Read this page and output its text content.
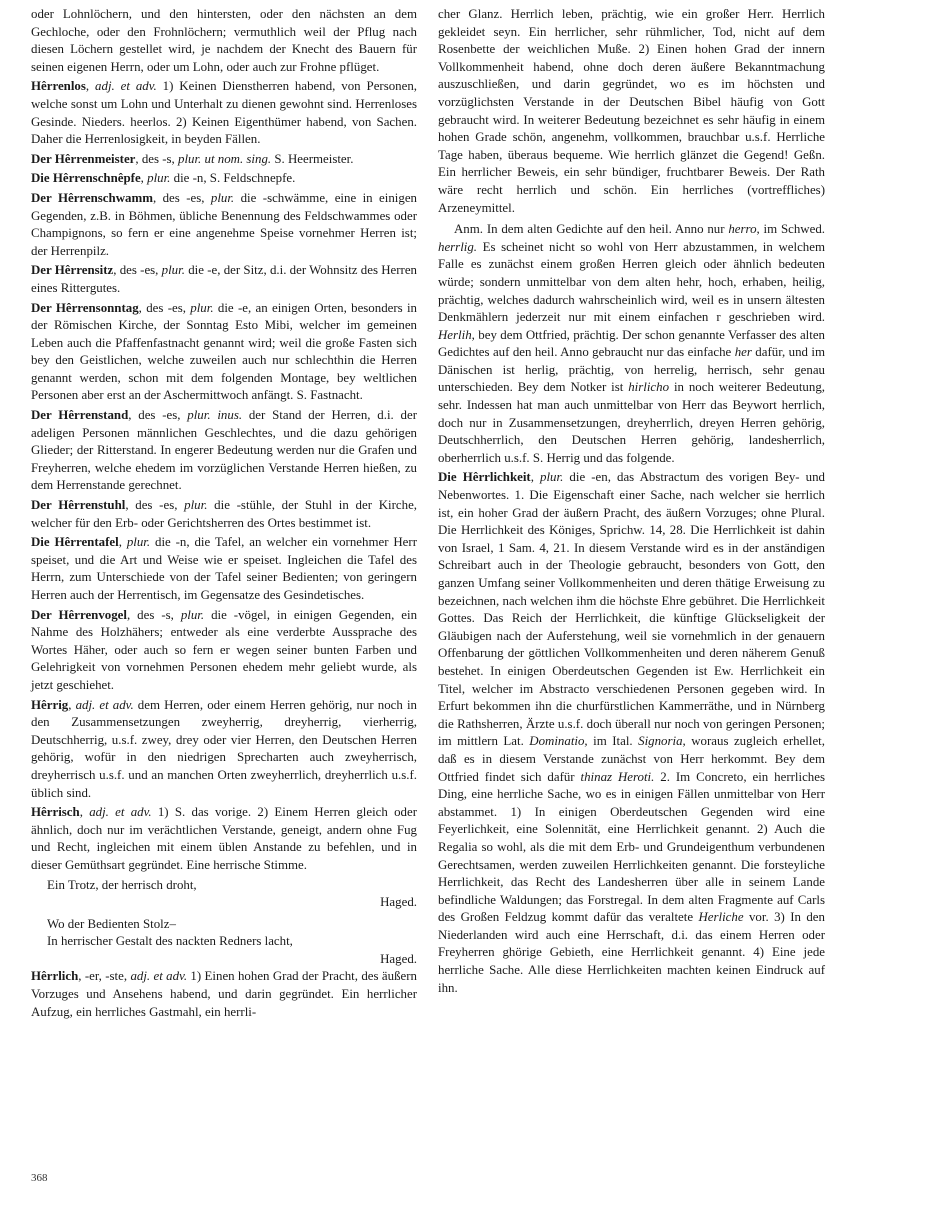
oder Lohnlöchern, und den hintersten, oder den nächsten an dem Gechloche, oder den Frohnlöchern; vermuthlich weil der Pflug nach diesen Löchern gestellet wird, je nachdem der Knecht des Bauern für seinen eigenen Herrn, oder um Lohn, oder auch zur Frohne pflüget.

Hêrrenlos, adj. et adv. 1) Keinen Dienstherren habend, von Personen, welche sonst um Lohn und Unterhalt zu dienen gewohnt sind. Herrenloses Gesinde. Nieders. heerlos. 2) Keinen Eigenthümer habend, von Sachen. Daher die Herrenlosigkeit, in beyden Fällen.

Der Hêrrenmeister, des -s, plur. ut nom. sing. S. Heermeister.

Die Hêrrenschnêpfe, plur. die -n, S. Feldschnepfe.

Der Hêrrenschwamm, des -es, plur. die -schwämme, eine in einigen Gegenden, z.B. in Böhmen, übliche Benennung des Feldschwammes oder Champignons, so fern er eine angenehme Speise vornehmer Herren ist; der Herrenpilz.

Der Hêrrensitz, des -es, plur. die -e, der Sitz, d.i. der Wohnsitz des Herren eines Rittergutes.

Der Hêrrensonntag, des -es, plur. die -e, an einigen Orten, besonders in der Römischen Kirche, der Sonntag Esto Mibi, welcher im gemeinen Leben auch die Pfaffenfastnacht genannt wird; weil die große Fasten sich bey den Geistlichen, welche zuweilen auch nur schlechthin die Herren genannt werden, schon mit dem folgenden Montage, bey weltlichen Personen aber erst an der Aschermittwoch anfängt. S. Fastnacht.

Der Hêrrenstand, des -es, plur. inus. der Stand der Herren, d.i. der adeligen Personen männlichen Geschlechtes, und die dazu gehörigen Glieder; der Ritterstand. In engerer Bedeutung werden nur die Grafen und Freyherren, welche ehedem im vorzüglichen Verstande Herren hießen, zu dem Herrenstande gerechnet.

Der Hêrrenstuhl, des -es, plur. die -stühle, der Stuhl in der Kirche, welcher für den Erb- oder Gerichtsherren des Ortes bestimmet ist.

Die Hêrrentafel, plur. die -n, die Tafel, an welcher ein vornehmer Herr speiset, und die Art und Weise wie er speiset. Ingleichen die Tafel des Herrn, zum Unterschiede von der Tafel seiner Bedienten; von geringern Herren auch der Herrentisch, im Gegensatze des Gesindetisches.

Der Hêrrenvogel, des -s, plur. die -vögel, in einigen Gegenden, ein Nahme des Holzhähers; entweder als eine verderbte Aussprache des Wortes Häher, oder auch so fern er wegen seiner bunten Farben und Gelehrigkeit von vornehmen Personen ehedem mehr geliebt wurde, als jetzt geschiehet.

Hêrrig, adj. et adv. dem Herren, oder einem Herren gehörig, nur noch in den Zusammensetzungen zweyherrig, dreyherrig, vierherrig, Deutschherrig, u.s.f. zwey, drey oder vier Herren, den Deutschen Herren gehörig, wofür in den niedrigen Sprecharten auch zweyherrisch, dreyherrisch u.s.f. und an manchen Orten zweyherrlich, dreyherrlich u.s.f. üblich sind.

Hêrrisch, adj. et adv. 1) S. das vorige. 2) Einem Herren gleich oder ähnlich, doch nur im verächtlichen Verstande, geneigt, andern ohne Fug und Recht, ingleichen mit einem üblen Anstande zu befehlen, und in dieser Gemüthsart gegründet. Eine herrische Stimme.

Ein Trotz, der herrisch droht,

Haged.

Wo der Bedienten Stolz–

In herrischer Gestalt des nackten Redners lacht,

Haged.

Hêrrlich, -er, -ste, adj. et adv. 1) Einen hohen Grad der Pracht, des äußern Vorzuges und Ansehens habend, und darin gegründet. Ein herrlicher Aufzug, ein herrliches Gastmahl, ein herrli-

cher Glanz. Herrlich leben, prächtig, wie ein großer Herr. Herrlich gekleidet seyn. Ein herrlicher, sehr rühmlicher, Tod, nicht auf dem Rosenbette der weichlichen Muße. 2) Einen hohen Grad der innern Vollkommenheit habend, ohne doch deren äußere Bekanntmachung auszuschließen, und darin gegründet, wo es im höchsten und vorzüglichsten Verstande in der Deutschen Bibel häufig von Gott gebraucht wird. In weiterer Bedeutung bezeichnet es sehr häufig in einem hohen Grade schön, angenehm, vollkommen, brauchbar u.s.f. Herrliche Tage haben, überaus bequeme. Wie herrlich glänzet die Gegend! Geßn. Ein herrlicher Beweis, ein sehr bündiger, fruchtbarer Beweis. Der Rath wäre recht herrlich und schön. Ein herrliches (vortreffliches) Arzeneymittel.

Anm. In dem alten Gedichte auf den heil. Anno nur herro, im Schwed. herrlig. Es scheinet nicht so wohl von Herr abzustammen, in welchem Falle es zunächst einem großen Herren gleich oder ähnlich bedeuten würde; sondern unmittelbar von dem alten hehr, hoch, erhaben, heilig, prächtig, welches dadurch wahrscheinlich wird, weil es in unsern ältesten Denkmählern jederzeit nur mit einem einfachen r geschrieben wird. Herlih, bey dem Ottfried, prächtig. Der schon genannte Verfasser des alten Gedichtes auf den heil. Anno gebraucht nur das einfache her dafür, und im Dänischen ist herlig, prächtig, von herrelig, herrisch, sehr genau unterschieden. Bey dem Notker ist hirlicho in noch weiterer Bedeutung, sehr. Indessen hat man auch unmittelbar von Herr das Beywort herrlich, doch nur in Zusammensetzungen, dreyherrlich, dreyen Herren gehörig, Deutschherrlich, den Deutschen Herren gehörig, landesherrlich, oberherrlich u.s.f. S. Herrig und das folgende.

Die Hêrrlichkeit, plur. die -en, das Abstractum des vorigen Bey- und Nebenwortes. 1. Die Eigenschaft einer Sache, nach welcher sie herrlich ist, ein hoher Grad der äußern Pracht, des äußern Vorzuges; ohne Plural. Die Herrlichkeit des Königes, Sprichw. 14, 28. Die Herrlichkeit ist dahin von Israel, 1 Sam. 4, 21. In diesem Verstande wird es in der anständigen Schreibart auch in der Theologie gebraucht, besonders von Gott, den ganzen Umfang seiner Vollkommenheiten und deren thätige Erweisung zu bezeichnen, nach welchen ihm die höchste Ehre gebühret. Die Herrlichkeit Gottes. Das Reich der Herrlichkeit, die künftige Glückseligkeit der Gläubigen nach der Auferstehung, weil sie vornehmlich in der genauern Offenbarung der göttlichen Vollkommenheiten und deren näherem Genuß bestehet. In einigen Oberdeutschen Gegenden ist Ew. Herrlichkeit ein Titel, welcher im Abstracto verschiedenen Personen gegeben wird. In Erfurt bekommen ihn die churfürstlichen Kammerräthe, und in Nürnberg die Rathsherren, Ärzte u.s.f. doch überall nur noch von geringen Personen; im mittlern Lat. Dominatio, im Ital. Signoria, woraus zugleich erhellet, daß es in diesem Verstande zunächst von Herr herkommt. Bey dem Ottfried findet sich dafür thinaz Heroti. 2. Im Concreto, ein herrliches Ding, eine herrliche Sache, wo es in einigen Fällen unmittelbar von Herr abstammet. 1) In einigen Oberdeutschen Gegenden wird eine Feyerlichkeit, eine Solennität, eine Herrlichkeit genannt. 2) Auch die Regalia so wohl, als die mit dem Erb- und Grundeigenthum verbundenen Gerechtsamen, werden zuweilen Herrlichkeiten genannt. Die forsteyliche Herrlichkeit, das Recht des Landesherren über alle in seinem Lande befindliche Waldungen; das Forstregal. In dem alten Fragmente auf Carls des Großen Feldzug kommt dafür das veraltete Herliche vor. 3) In den Niederlanden wird auch eine Herrschaft, d.i. das einem Herren oder Freyherren ghörige Gebieth, eine Herrlichkeit genannt. 4) Eine jede herrliche Sache. Alle diese Herrlichkeiten machten keinen Eindruck auf ihn.

368
